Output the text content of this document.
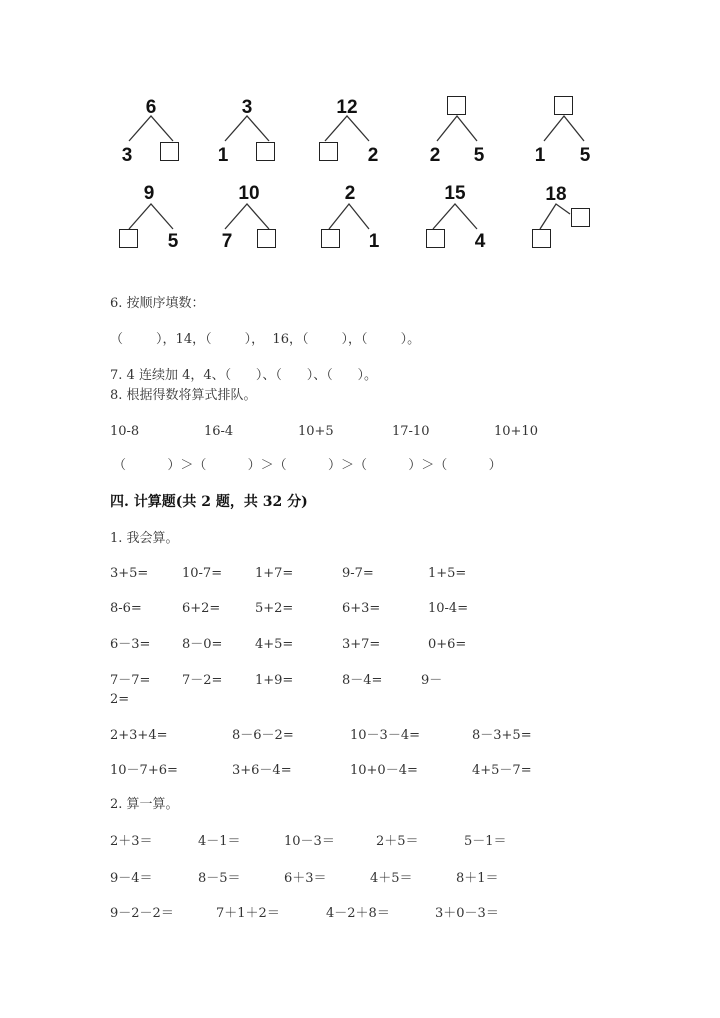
6
3
3
1
12
2	2	5	1	5
9
5
10
7
2
1
15
4
18
6. 按顺序填数：
（        ），14，（        ），  16，（        ），（        ）。
7. 4 连续加 4，4、（      ）、（      ）、（      ）。
8. 根据得数将算式排队。
10-8	16-4	10+5	17-10	10+10
（          ）＞（          ）＞（          ）＞（          ）＞（          ）
四. 计算题(共 2 题，共 32 分)
1. 我会算。
3+5=	10-7=	1+7=	9-7=	1+5=
8-6=	6+2=	5+2=	6+3=	10-4=
6－3= 8－0=	4+5=	3+7=	0+6=
7－7= 7－2=	1+9=	8－4=	9－
2=
2+3+4=	8－6－2=	10－3－4=	8－3+5=
10－7+6=	3+6－4=	10+0－4=	4+5－7=
2. 算一算。
2＋3＝	4－1＝	10－3＝	2＋5＝	5－1＝
9－4＝	8－5＝	6＋3＝	4＋5＝	8＋1＝
9－2－2＝	7＋1＋2＝	4－2＋8＝	3＋0－3＝
